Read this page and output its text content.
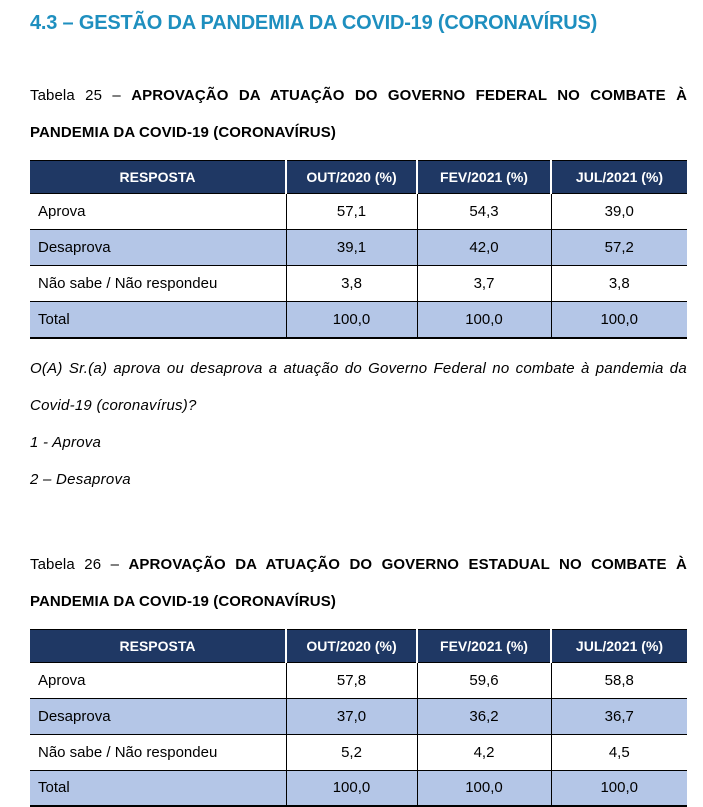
4.3 – GESTÃO DA PANDEMIA DA COVID-19 (CORONAVÍRUS)

Tabela 25 – APROVAÇÃO DA ATUAÇÃO DO GOVERNO FEDERAL NO COMBATE À PANDEMIA DA COVID-19 (CORONAVÍRUS)

RESPOSTA	OUT/2020 (%)	FEV/2021 (%)	JUL/2021 (%)
Aprova	57,1	54,3	39,0
Desaprova	39,1	42,0	57,2
Não sabe / Não respondeu	3,8	3,7	3,8
Total	100,0	100,0	100,0
O(A) Sr.(a) aprova ou desaprova a atuação do Governo Federal no combate à pandemia da Covid-19 (coronavírus)?
1 - Aprova
2 – Desaprova

Tabela 26 – APROVAÇÃO DA ATUAÇÃO DO GOVERNO ESTADUAL NO COMBATE À PANDEMIA DA COVID-19 (CORONAVÍRUS)

RESPOSTA	OUT/2020 (%)	FEV/2021 (%)	JUL/2021 (%)
Aprova	57,8	59,6	58,8
Desaprova	37,0	36,2	36,7
Não sabe / Não respondeu	5,2	4,2	4,5
Total	100,0	100,0	100,0
